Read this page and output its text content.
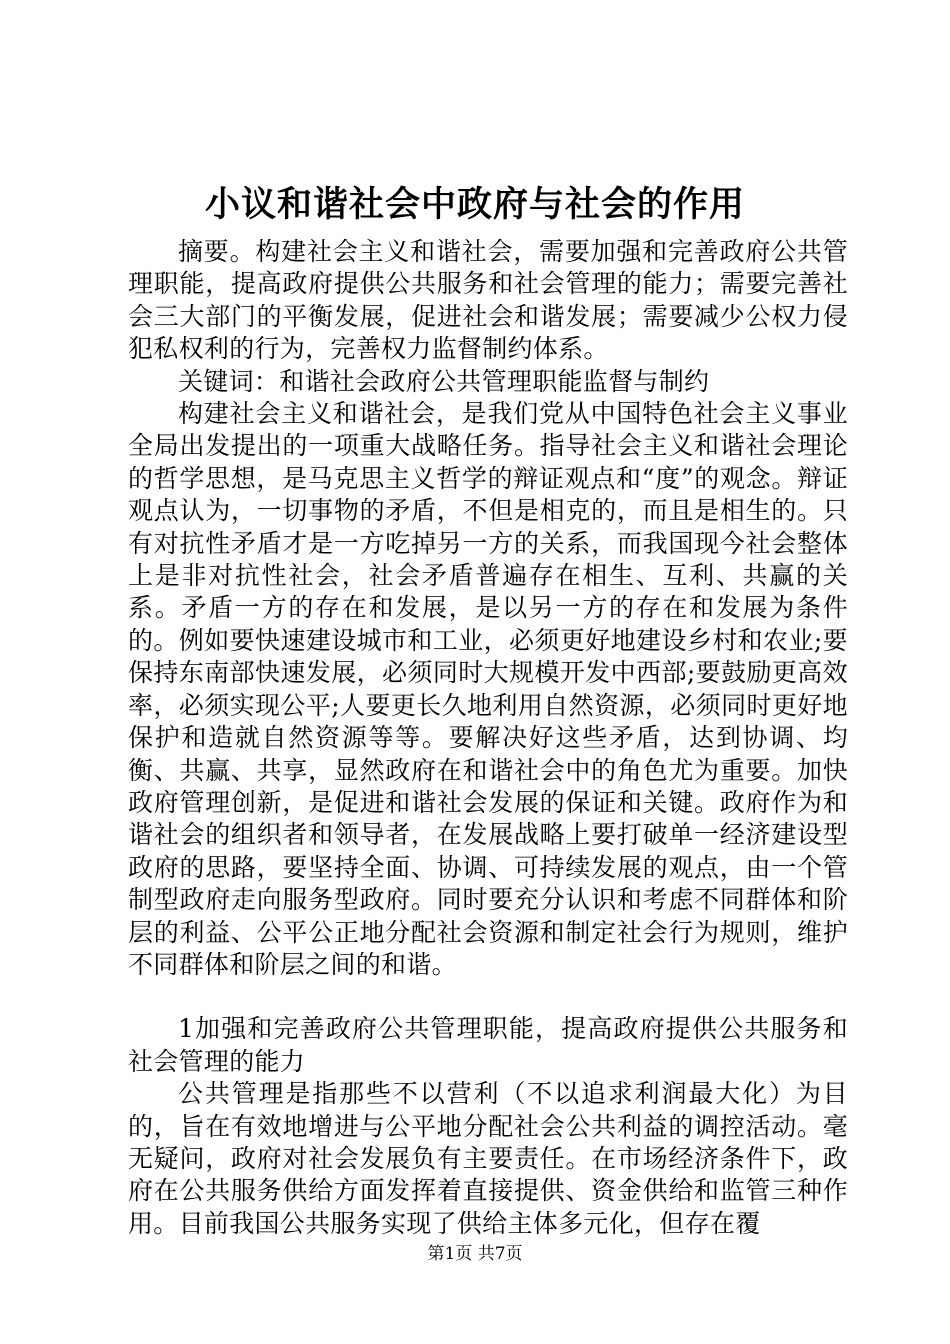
小议和谐社会中政府与社会的作用

摘要。构建社会主义和谐社会，需要加强和完善政府公共管理职能，提高政府提供公共服务和社会管理的能力；需要完善社会三大部门的平衡发展，促进社会和谐发展；需要减少公权力侵犯私权利的行为，完善权力监督制约体系。

关键词：和谐社会政府公共管理职能监督与制约

构建社会主义和谐社会，是我们党从中国特色社会主义事业全局出发提出的一项重大战略任务。指导社会主义和谐社会理论的哲学思想，是马克思主义哲学的辩证观点和“度”的观念。辩证观点认为，一切事物的矛盾，不但是相克的，而且是相生的。只有对抗性矛盾才是一方吃掉另一方的关系，而我国现今社会整体上是非对抗性社会，社会矛盾普遍存在相生、互利、共赢的关系。矛盾一方的存在和发展，是以另一方的存在和发展为条件的。例如要快速建设城市和工业，必须更好地建设乡村和农业;要保持东南部快速发展，必须同时大规模开发中西部;要鼓励更高效率，必须实现公平;人要更长久地利用自然资源，必须同时更好地保护和造就自然资源等等。要解决好这些矛盾，达到协调、均衡、共赢、共享，显然政府在和谐社会中的角色尤为重要。加快政府管理创新，是促进和谐社会发展的保证和关键。政府作为和谐社会的组织者和领导者，在发展战略上要打破单一经济建设型政府的思路，要坚持全面、协调、可持续发展的观点，由一个管制型政府走向服务型政府。同时要充分认识和考虑不同群体和阶层的利益、公平公正地分配社会资源和制定社会行为规则，维护不同群体和阶层之间的和谐。

1加强和完善政府公共管理职能，提高政府提供公共服务和社会管理的能力

公共管理是指那些不以营利（不以追求利润最大化）为目的，旨在有效地增进与公平地分配社会公共利益的调控活动。毫无疑问，政府对社会发展负有主要责任。在市场经济条件下，政府在公共服务供给方面发挥着直接提供、资金供给和监管三种作用。目前我国公共服务实现了供给主体多元化，但存在覆

第1页 共7页
